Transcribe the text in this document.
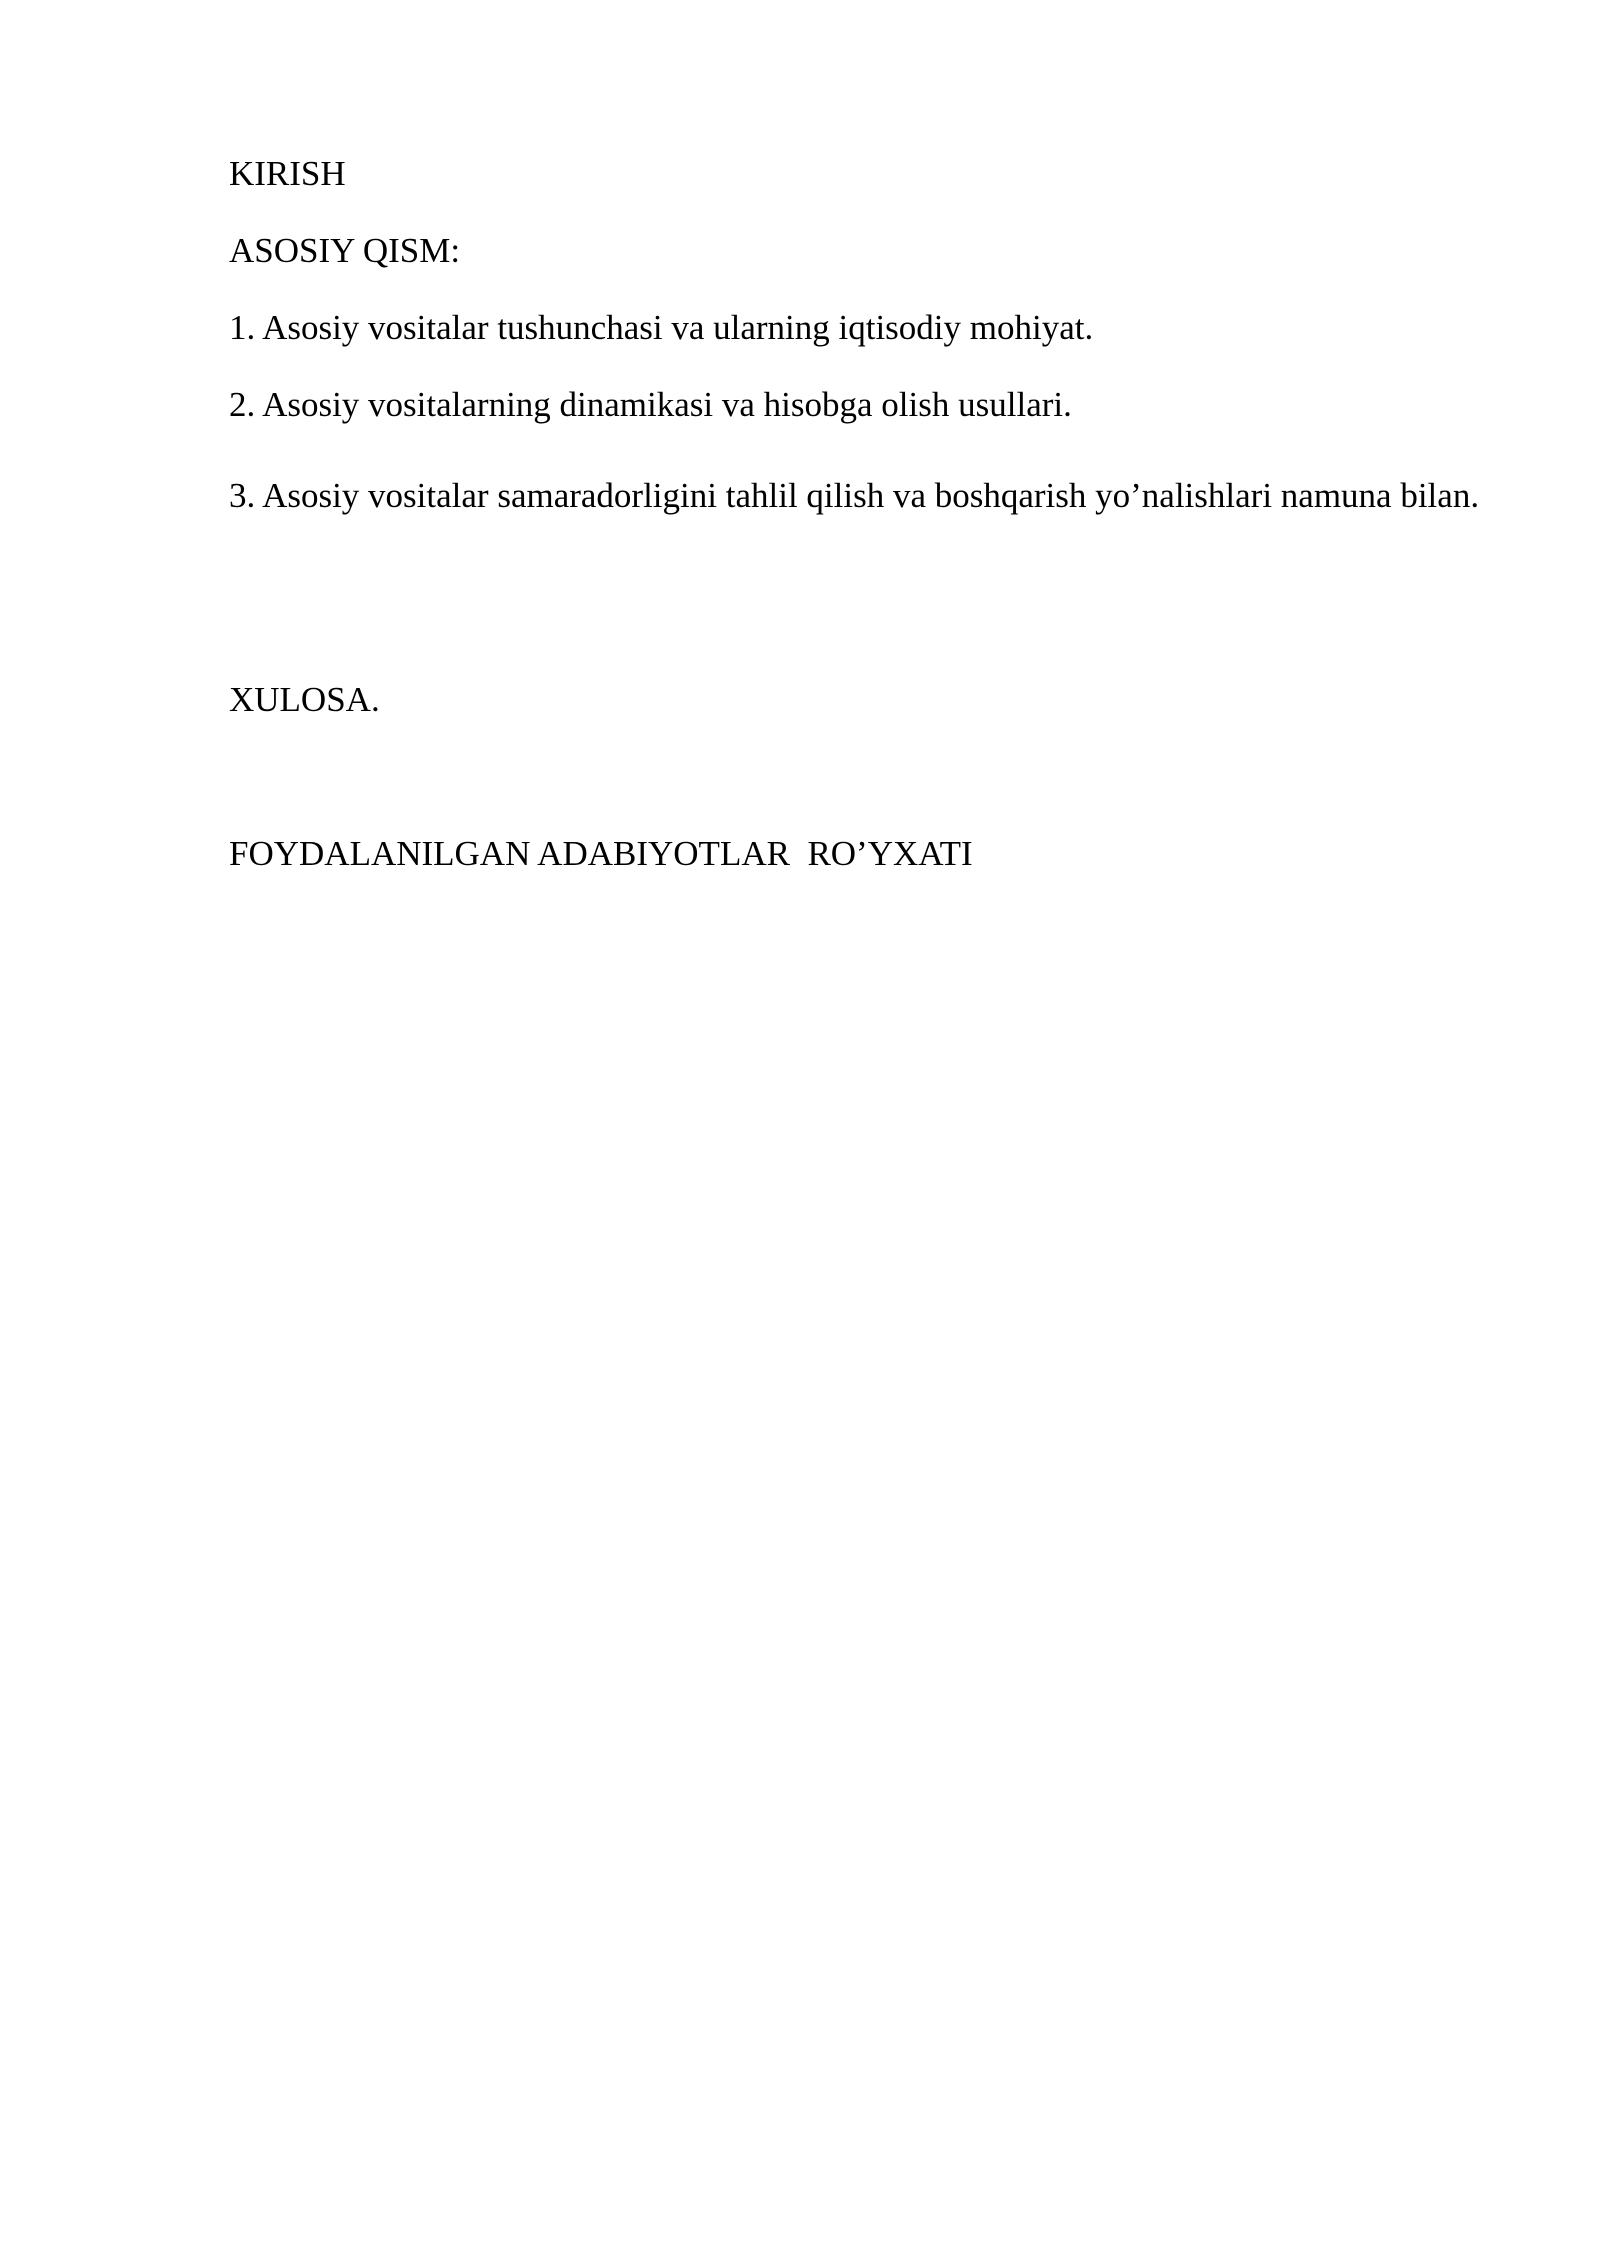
KIRISH
ASOSIY QISM:
1. Asosiy vositalar tushunchasi va ularning iqtisodiy mohiyat.
2. Asosiy vositalarning dinamikasi va hisobga olish usullari.
3. Asosiy vositalar samaradorligini tahlil qilish va boshqarish yo’nalishlari namuna bilan.
XULOSA.
FOYDALANILGAN ADABIYOTLAR  RO’YXATI
